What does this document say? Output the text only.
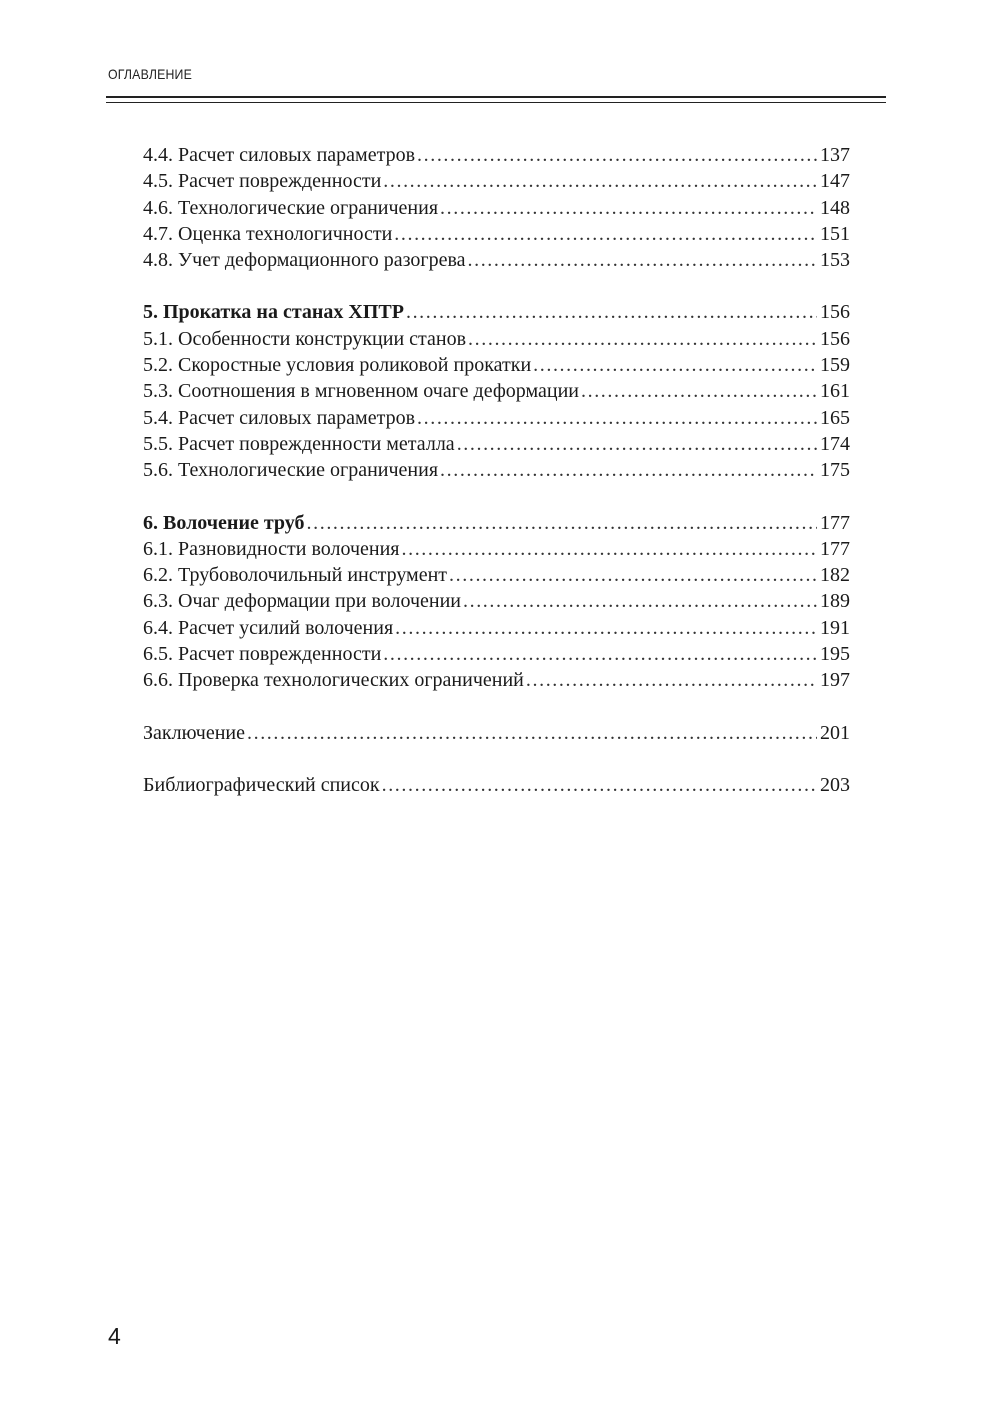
ОГЛАВЛЕНИЕ
4.4. Расчет силовых параметров .....	137
4.5. Расчет поврежденности .....	147
4.6. Технологические ограничения .....	148
4.7. Оценка технологичности .....	151
4.8. Учет деформационного разогрева .....	153
5. Прокатка на станах ХПТР .....	156
5.1. Особенности конструкции станов .....	156
5.2. Скоростные условия роликовой прокатки .....	159
5.3. Соотношения в мгновенном очаге деформации .....	161
5.4. Расчет силовых параметров .....	165
5.5. Расчет поврежденности металла .....	174
5.6. Технологические ограничения .....	175
6. Волочение труб .....	177
6.1. Разновидности волочения .....	177
6.2. Трубоволочильный инструмент .....	182
6.3. Очаг деформации при волочении .....	189
6.4. Расчет усилий волочения .....	191
6.5. Расчет поврежденности .....	195
6.6. Проверка технологических ограничений .....	197
Заключение .....	201
Библиографический список .....	203
4
